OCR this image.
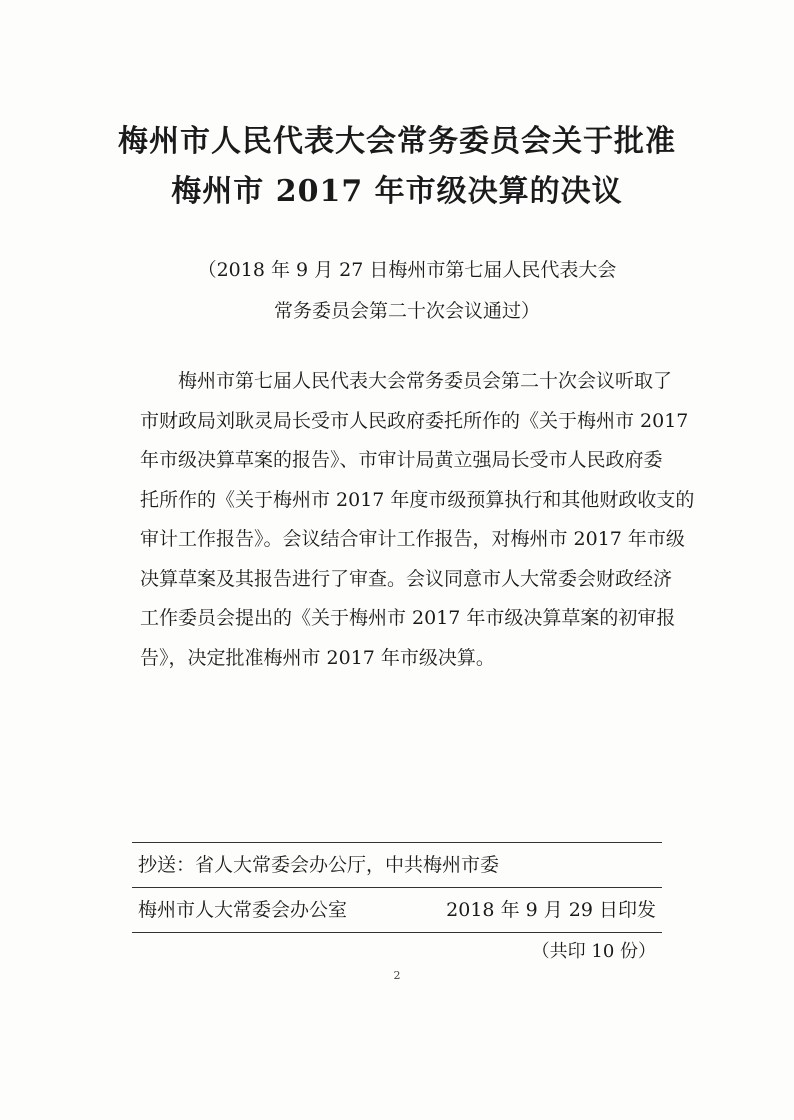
梅州市人民代表大会常务委员会关于批准
梅州市 2017 年市级决算的决议
（2018 年 9 月 27 日梅州市第七届人民代表大会
常务委员会第二十次会议通过）
梅州市第七届人民代表大会常务委员会第二十次会议听取了
市财政局刘耿灵局长受市人民政府委托所作的《关于梅州市 2017
年市级决算草案的报告》、市审计局黄立强局长受市人民政府委
托所作的《关于梅州市 2017 年度市级预算执行和其他财政收支的
审计工作报告》。会议结合审计工作报告，对梅州市 2017 年市级
决算草案及其报告进行了审查。会议同意市人大常委会财政经济
工作委员会提出的《关于梅州市 2017 年市级决算草案的初审报
告》，决定批准梅州市 2017 年市级决算。
抄送：省人大常委会办公厅，中共梅州市委
梅州市人大常委会办公室	2018 年 9 月 29 日印发
（共印 10 份）
2
